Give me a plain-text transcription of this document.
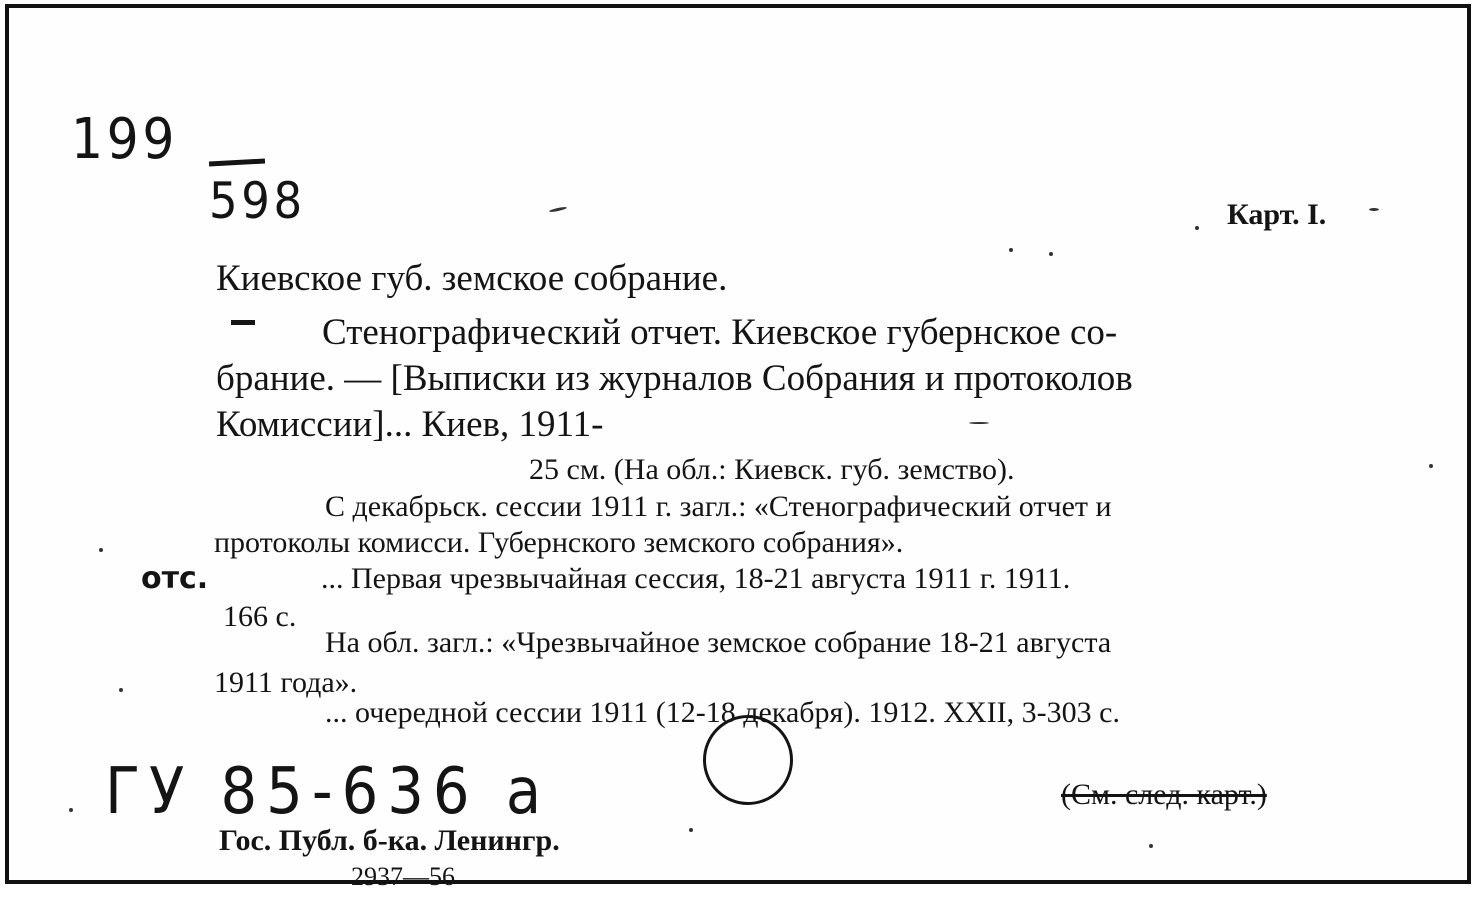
199
598	Карт. I.
Киевское губ. земское собрание.
Стенографический отчет. Киевское губернское со-
брание. — [Выписки из журналов Собрания и протоколов
Комиссии]... Киев, 1911-
25 см. (На обл.: Киевск. губ. земство).
С декабрьск. сессии 1911 г. загл.: «Стенографический отчет и
протоколы комисси. Губернского земского собрания».
отс.	... Первая чрезвычайная сессия, 18-21 августа 1911 г. 1911.
166 с.
На обл. загл.: «Чрезвычайное земское собрание 18-21 августа
1911 года».
... очередной сессии 1911 (12-18 декабря). 1912. XXII, 3-303 с.
ГУ 85-636 а	(См. след. карт.)
Гос. Публ. б-ка. Ленингр.
2937—56
